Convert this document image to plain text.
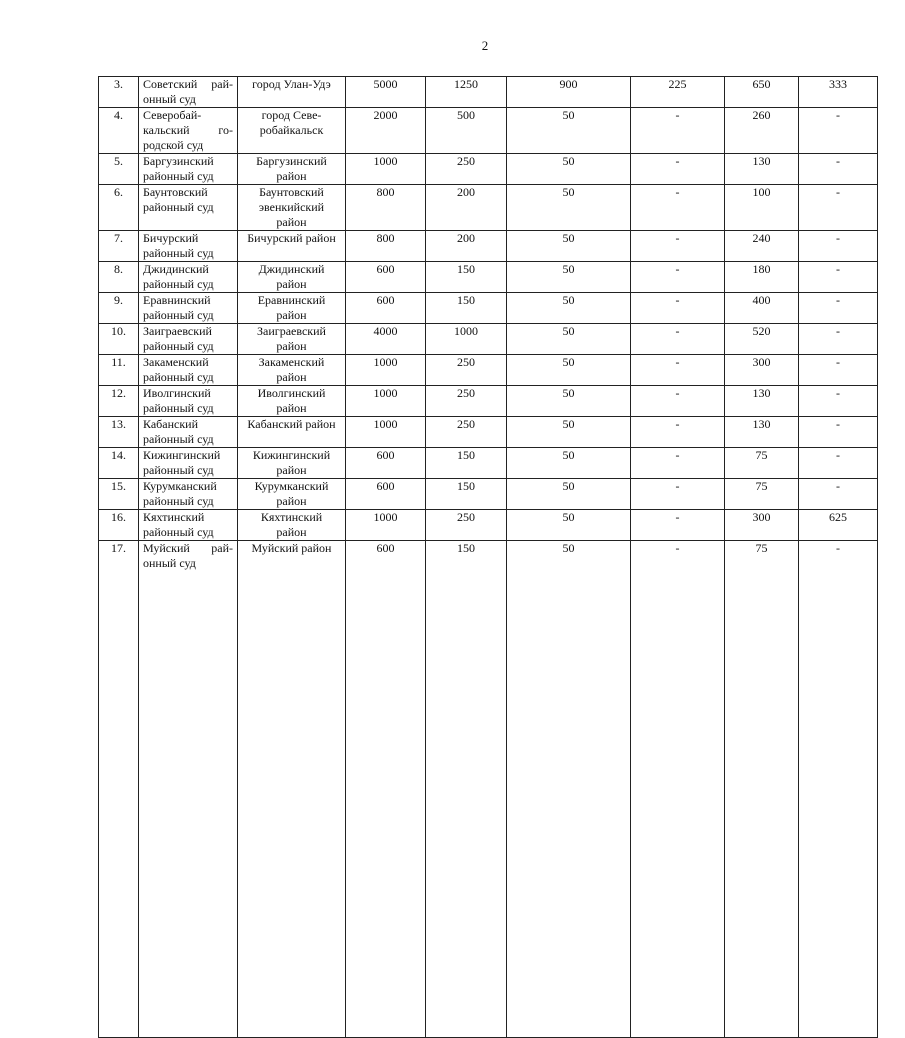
2
3.	Советский рай-
онный суд	город Улан-Удэ	5000	1250	900	225	650	333
4.	Северобай-
кальский го-
родской суд	город Севе-
робайкальск	2000	500	50	-	260	-
5.	Баргузинский
районный суд	Баргузинский
район	1000	250	50	-	130	-
6.	Баунтовский
районный суд	Баунтовский
эвенкийский
район	800	200	50	-	100	-
7.	Бичурский
районный суд	Бичурский район	800	200	50	-	240	-
8.	Джидинский
районный суд	Джидинский
район	600	150	50	-	180	-
9.	Еравнинский
районный суд	Еравнинский
район	600	150	50	-	400	-
10.	Заиграевский
районный суд	Заиграевский
район	4000	1000	50	-	520	-
11.	Закаменский
районный суд	Закаменский
район	1000	250	50	-	300	-
12.	Иволгинский
районный суд	Иволгинский
район	1000	250	50	-	130	-
13.	Кабанский
районный суд	Кабанский район	1000	250	50	-	130	-
14.	Кижингинский
районный суд	Кижингинский
район	600	150	50	-	75	-
15.	Курумканский
районный суд	Курумканский
район	600	150	50	-	75	-
16.	Кяхтинский
районный суд	Кяхтинский
район	1000	250	50	-	300	625
17.	Муйский рай-
онный суд	Муйский район	600	150	50	-	75	-
